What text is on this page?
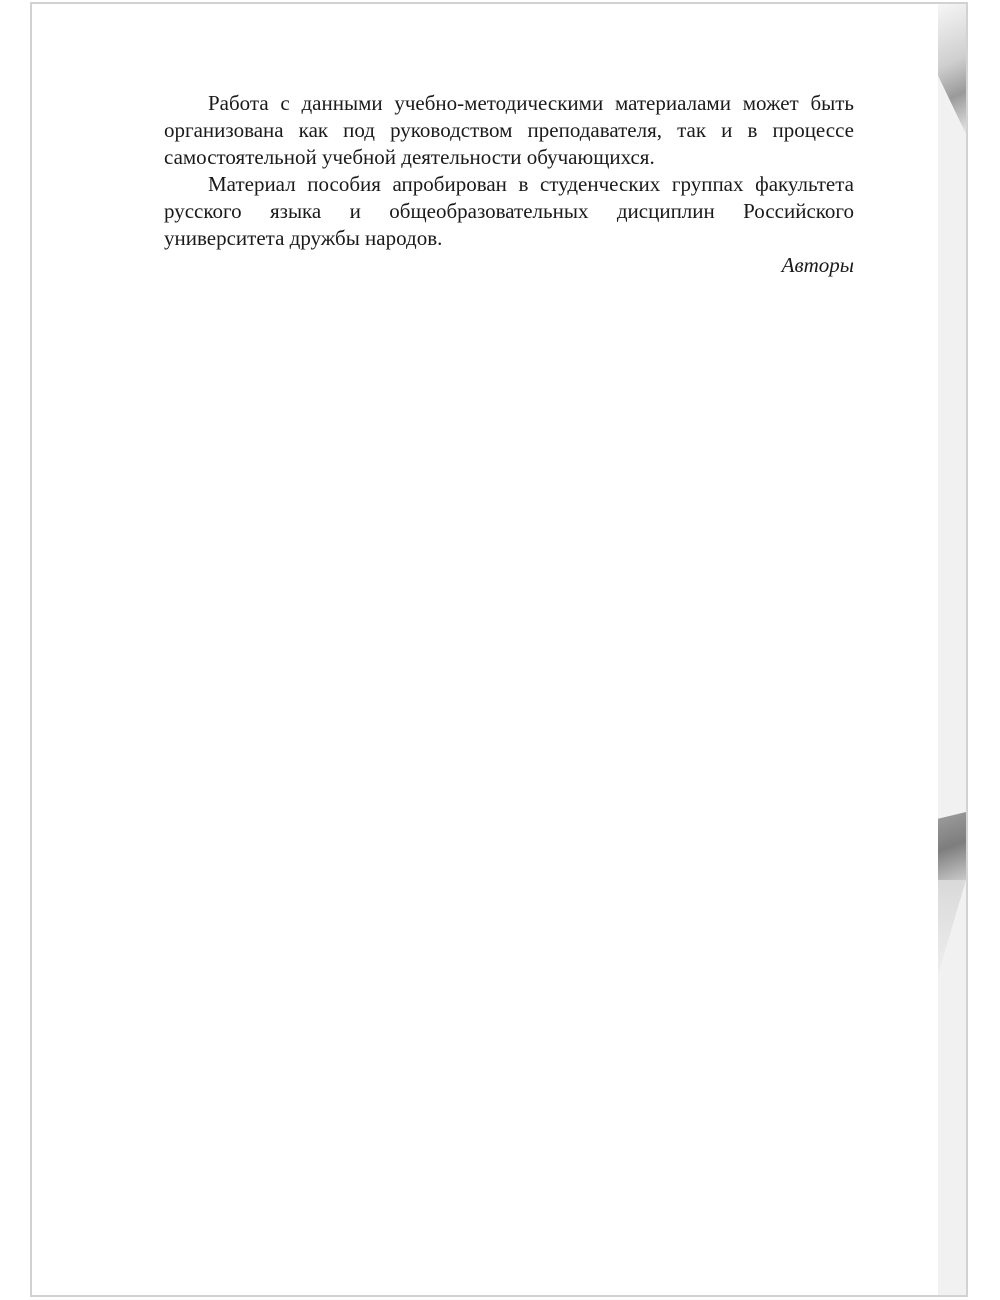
Работа с данными учебно-методическими материалами может быть организована как под руководством преподавателя, так и в процессе самостоятельной учебной деятельности обучающихся.

Материал пособия апробирован в студенческих группах факультета русского языка и общеобразовательных дисциплин Российского университета дружбы народов.

Авторы
